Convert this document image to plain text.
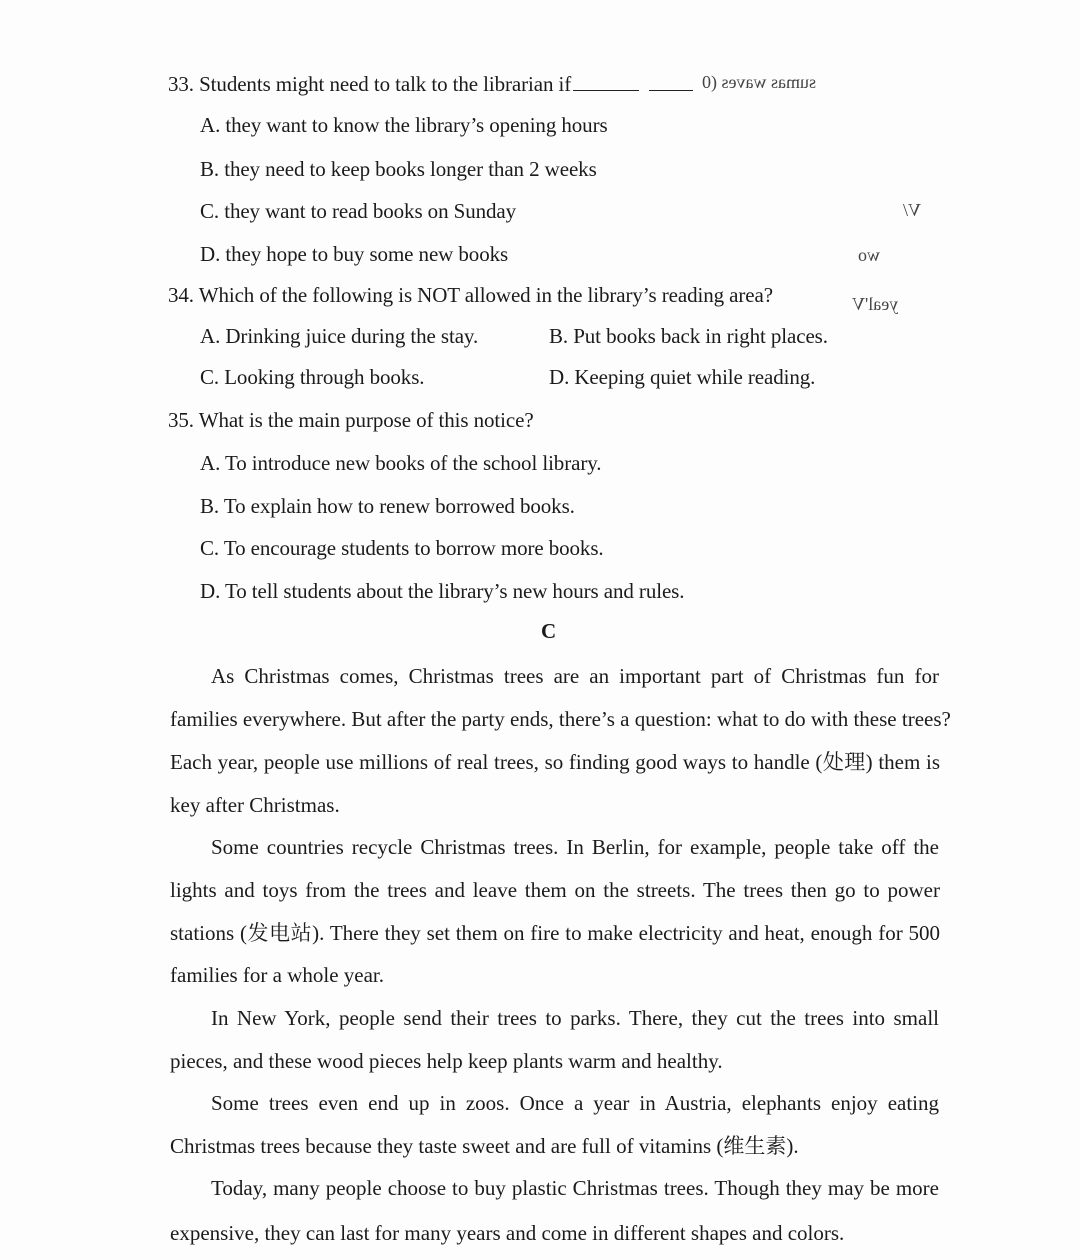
33. Students might need to talk to the librarian if	sumas waves (0
A. they want to know the library’s opening hours
B. they need to keep books longer than 2 weeks
C. they want to read books on Sunday	V/
D. they hope to buy some new books	wo
34. Which of the following is NOT allowed in the library’s reading area?	yeal'V
A. Drinking juice during the stay.	B. Put books back in right places.
C. Looking through books.	D. Keeping quiet while reading.
35. What is the main purpose of this notice?
A. To introduce new books of the school library.
B. To explain how to renew borrowed books.
C. To encourage students to borrow more books.
D. To tell students about the library’s new hours and rules.
C
As Christmas comes, Christmas trees are an important part of Christmas fun for
families everywhere. But after the party ends, there’s a question: what to do with these trees?
Each year, people use millions of real trees, so finding good ways to handle (处理) them is
key after Christmas.
Some countries recycle Christmas trees. In Berlin, for example, people take off the
lights and toys from the trees and leave them on the streets. The trees then go to power
stations (发电站). There they set them on fire to make electricity and heat, enough for 500
families for a whole year.
In New York, people send their trees to parks. There, they cut the trees into small
pieces, and these wood pieces help keep plants warm and healthy.
Some trees even end up in zoos. Once a year in Austria, elephants enjoy eating
Christmas trees because they taste sweet and are full of vitamins (维生素).
Today, many people choose to buy plastic Christmas trees. Though they may be more
expensive, they can last for many years and come in different shapes and colors.
